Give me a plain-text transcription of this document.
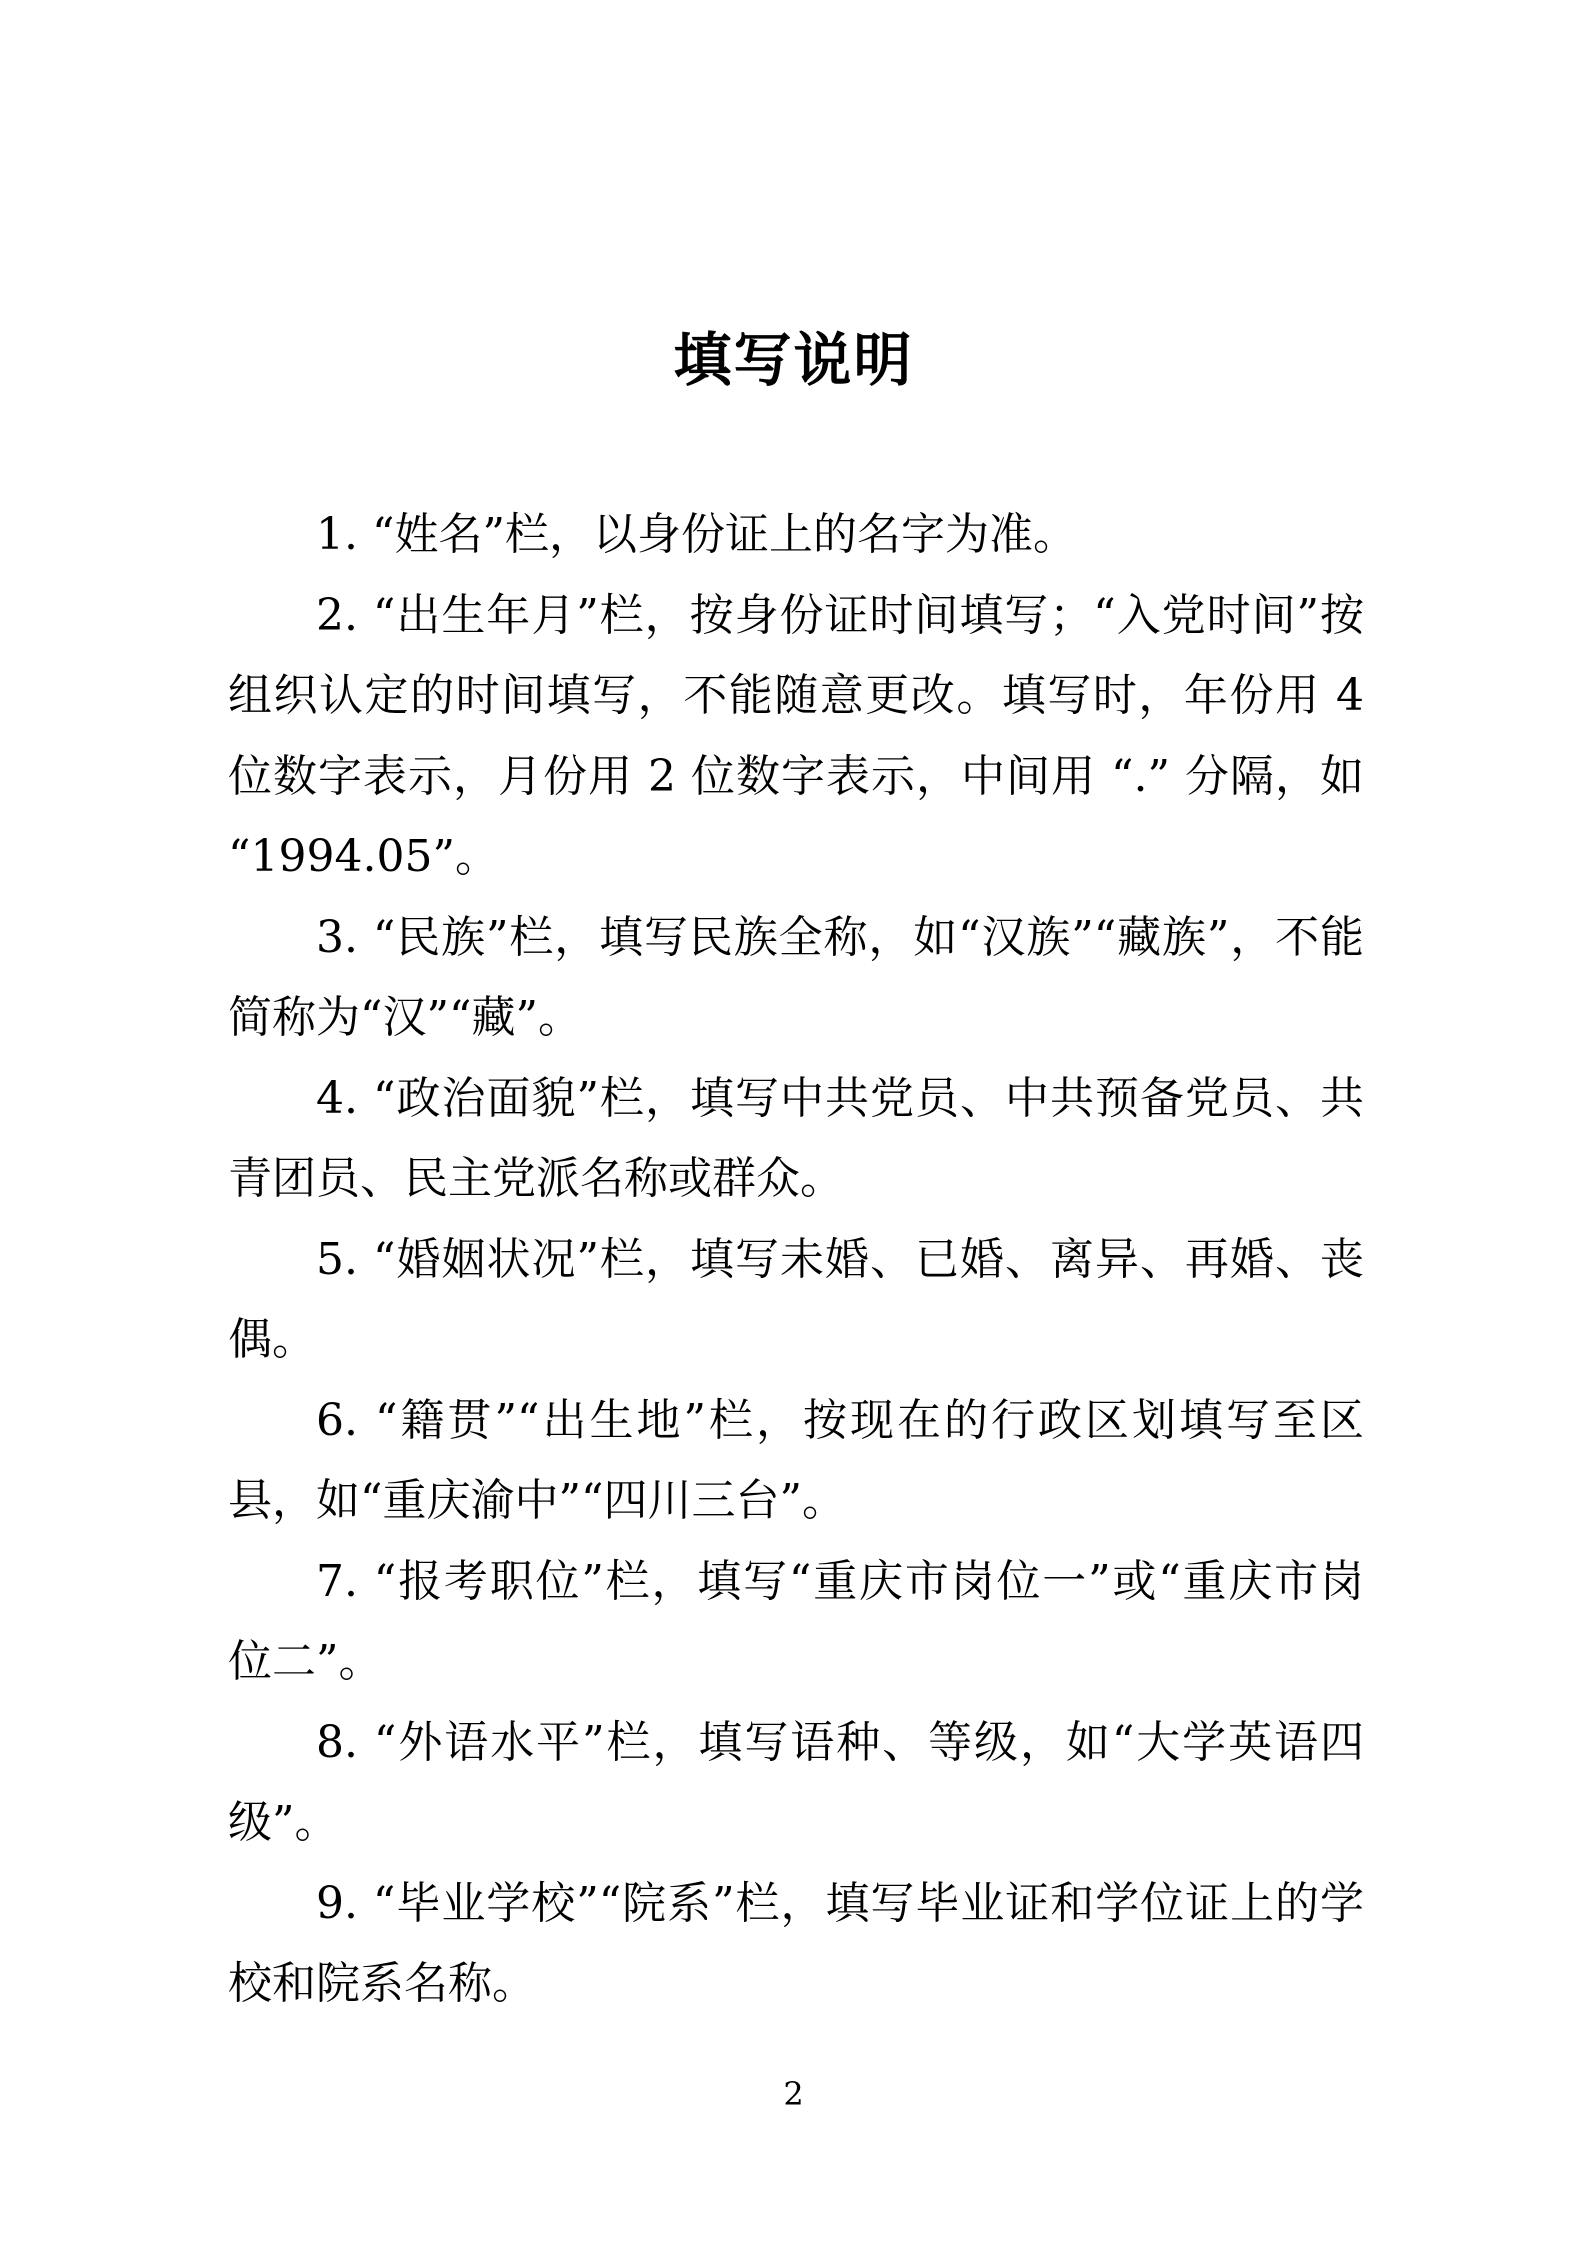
填写说明

1. “姓名”栏，以身份证上的名字为准。

2. “出生年月”栏，按身份证时间填写；“入党时间”按组织认定的时间填写，不能随意更改。填写时，年份用 4 位数字表示，月份用 2 位数字表示，中间用 “.” 分隔，如 “1994.05”。

3. “民族”栏，填写民族全称，如“汉族”“藏族”，不能简称为“汉”“藏”。

4. “政治面貌”栏，填写中共党员、中共预备党员、共青团员、民主党派名称或群众。

5. “婚姻状况”栏，填写未婚、已婚、离异、再婚、丧偶。

6. “籍贯”“出生地”栏，按现在的行政区划填写至区县，如“重庆渝中”“四川三台”。

7. “报考职位”栏，填写“重庆市岗位一”或“重庆市岗位二”。

8. “外语水平”栏，填写语种、等级，如“大学英语四级”。

9. “毕业学校”“院系”栏，填写毕业证和学位证上的学校和院系名称。

2
